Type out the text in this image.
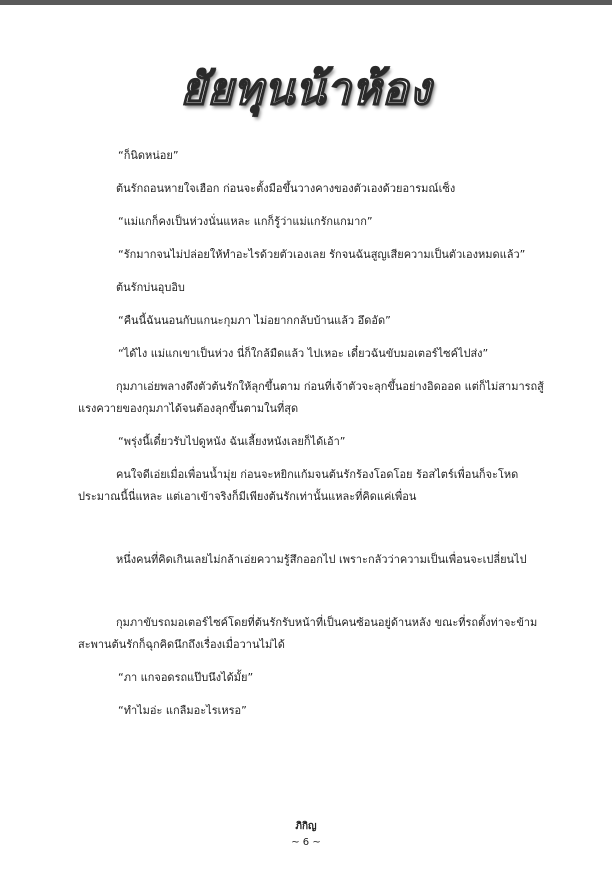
ยัยทุนน้าห้อง

“ก็นิดหน่อย”

ต้นรักถอนหายใจเฮือก ก่อนจะตั้งมือขึ้นวางคางของตัวเองด้วยอารมณ์เซ็ง

“แม่แกก็คงเป็นห่วงนั่นแหละ แกก็รู้ว่าแม่แกรักแกมาก”

“รักมากจนไม่ปล่อยให้ทำอะไรด้วยตัวเองเลย รักจนฉันสูญเสียความเป็นตัวเองหมดแล้ว”

ต้นรักบ่นอุบอิบ

“คืนนี้ฉันนอนกับแกนะกุมภา ไม่อยากกลับบ้านแล้ว อึดอัด”

“ได้ไง แม่แกเขาเป็นห่วง นี่ก็ใกล้มืดแล้ว ไปเหอะ เดี๋ยวฉันขับมอเตอร์ไซค์ไปส่ง”

กุมภาเอ่ยพลางดึงตัวต้นรักให้ลุกขึ้นตาม ก่อนที่เจ้าตัวจะลุกขึ้นอย่างอิดออด แต่ก็ไม่สามารถสู้แรงควายของกุมภาได้จนต้องลุกขึ้นตามในที่สุด

“พรุ่งนี้เดี๋ยวรับไปดูหนัง ฉันเลี้ยงหนังเลยก็ได้เอ้า”

คนใจดีเอ่ยเมื่อเพื่อนน้ำมุ่ย ก่อนจะหยิกแก้มจนต้นรักร้องโอดโอย ร้อสไตร์เพื่อนก็จะโหดประมาณนี้นี่แหละ แต่เอาเข้าจริงก็มีเพียงต้นรักเท่านั้นแหละที่คิดแค่เพื่อน

หนึ่งคนที่คิดเกินเลยไม่กล้าเอ่ยความรู้สึกออกไป เพราะกลัวว่าความเป็นเพื่อนจะเปลี่ยนไป

กุมภาขับรถมอเตอร์ไซค์โดยที่ต้นรักรับหน้าที่เป็นคนซ้อนอยู่ด้านหลัง ขณะที่รถตั้งท่าจะข้ามสะพานต้นรักก็ฉุกคิดนึกถึงเรื่องเมื่อวานไม่ได้

“ภา แกจอดรถแป๊บนึงได้มั้ย”

“ทำไมอ่ะ แกลืมอะไรเหรอ”

ภิกิญ
~ 6 ~
